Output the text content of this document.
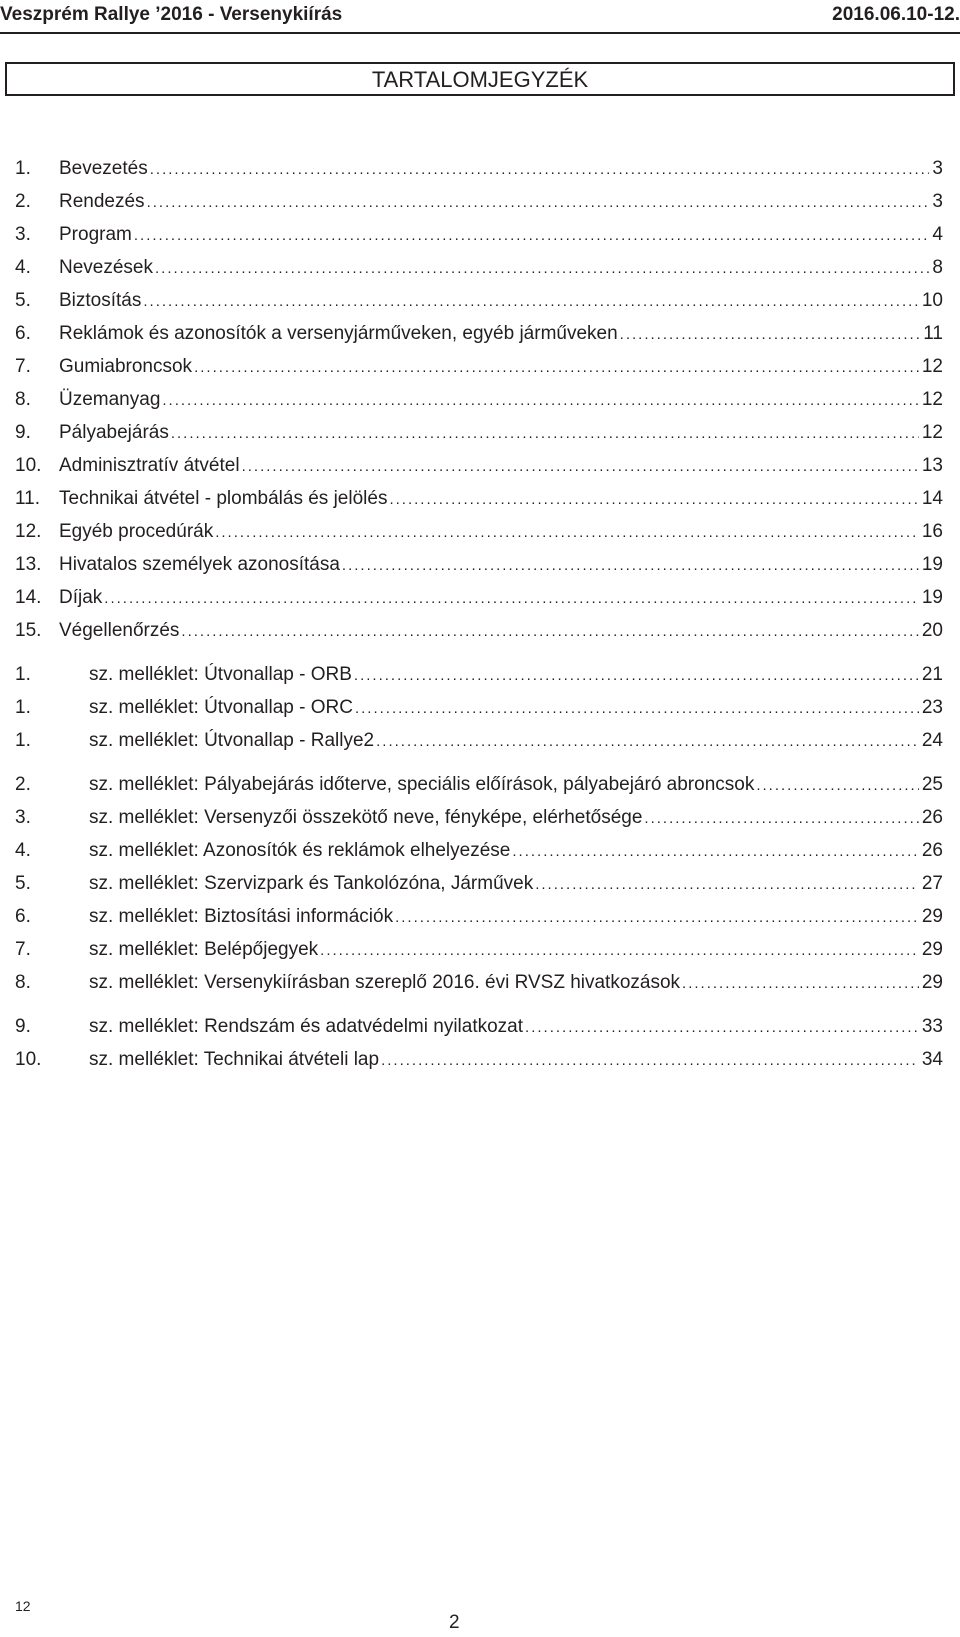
Veszprém Rallye ’2016 - Versenykiírás	2016.06.10-12.
TARTALOMJEGYZÉK
1. Bevezetés .....	3
2. Rendezés .....	3
3. Program .....	4
4. Nevezések .....	8
5. Biztosítás .....	10
6. Reklámok és azonosítók a versenyjárműveken, egyéb járműveken .....	11
7. Gumiabroncsok .....	12
8. Üzemanyag .....	12
9. Pályabejárás .....	12
10. Adminisztratív átvétel .....	13
11. Technikai átvétel - plombálás és jelölés .....	14
12. Egyéb procedúrák .....	16
13. Hivatalos személyek azonosítása .....	19
14. Díjak .....	19
15. Végellenőrzés .....	20
1.	sz. melléklet: Útvonallap - ORB .....	21
1.	sz. melléklet: Útvonallap - ORC .....	23
1.	sz. melléklet: Útvonallap - Rallye2 .....	24
2.	sz. melléklet: Pályabejárás időterve, speciális előírások, pályabejáró abroncsok .....	25
3.	sz. melléklet: Versenyzői összekötő neve, fényképe, elérhetősége .....	26
4.	sz. melléklet: Azonosítók és reklámok elhelyezése .....	26
5.	sz. melléklet: Szervizpark és Tankolózóna, Járművek .....	27
6.	sz. melléklet: Biztosítási információk .....	29
7.	sz. melléklet: Belépőjegyek .....	29
8.	sz. melléklet: Versenykiírásban szereplő 2016. évi RVSZ hivatkozások .....	29
9.	sz. melléklet: Rendszám és adatvédelmi nyilatkozat .....	33
10.	sz. melléklet: Technikai átvételi lap .....	34
12
2
